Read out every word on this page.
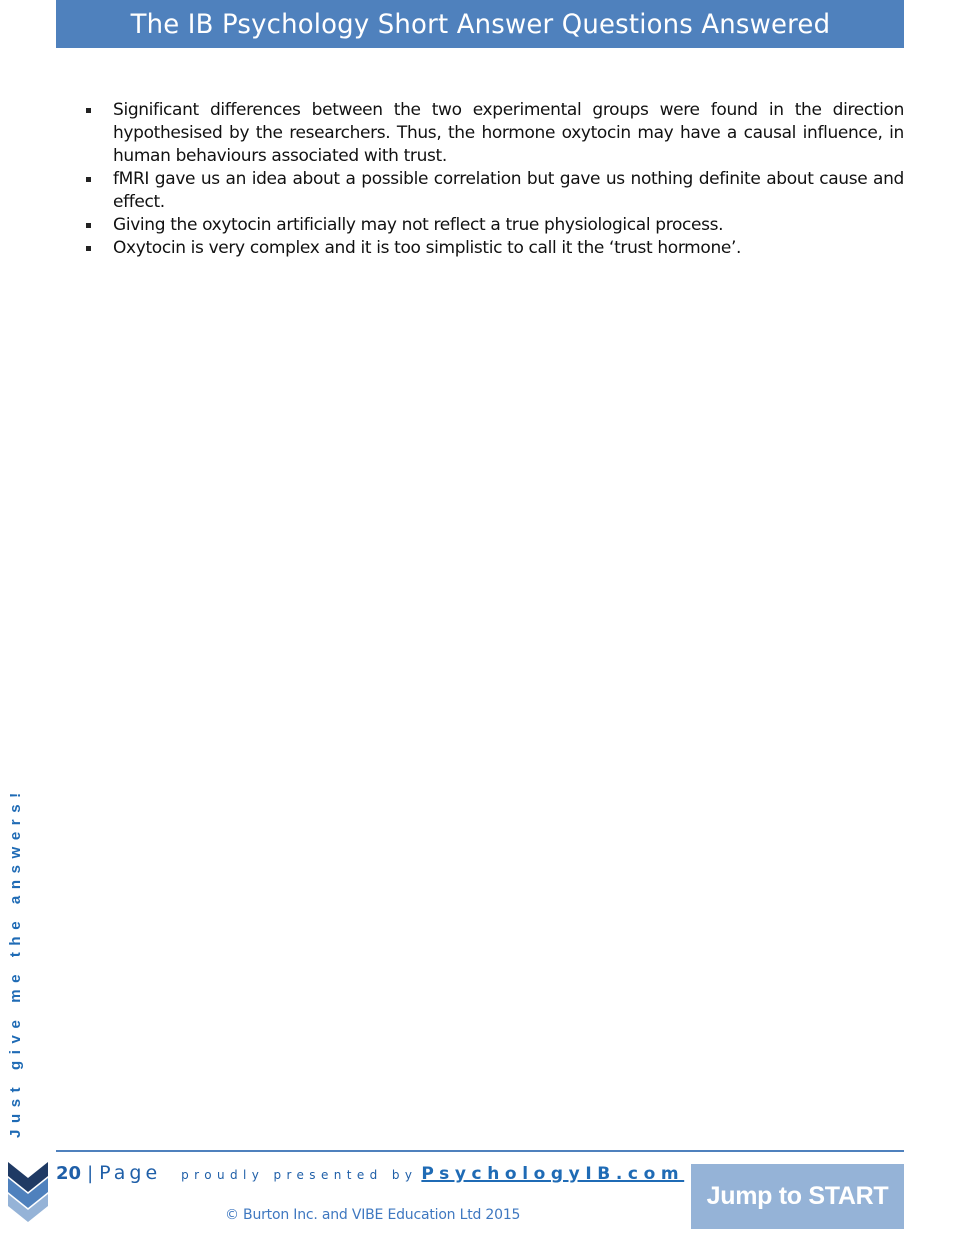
The IB Psychology Short Answer Questions Answered
Significant differences between the two experimental groups were found in the direction hypothesised by the researchers. Thus, the hormone oxytocin may have a causal influence, in human behaviours associated with trust.
fMRI gave us an idea about a possible correlation but gave us nothing definite about cause and effect.
Giving the oxytocin artificially may not reflect a true physiological process.
Oxytocin is very complex and it is too simplistic to call it the ‘trust hormone’.
Just give me the answers!
20 | Page proudly presented by PsychologyIB.com
© Burton Inc. and VIBE Education Ltd 2015
Jump to START
